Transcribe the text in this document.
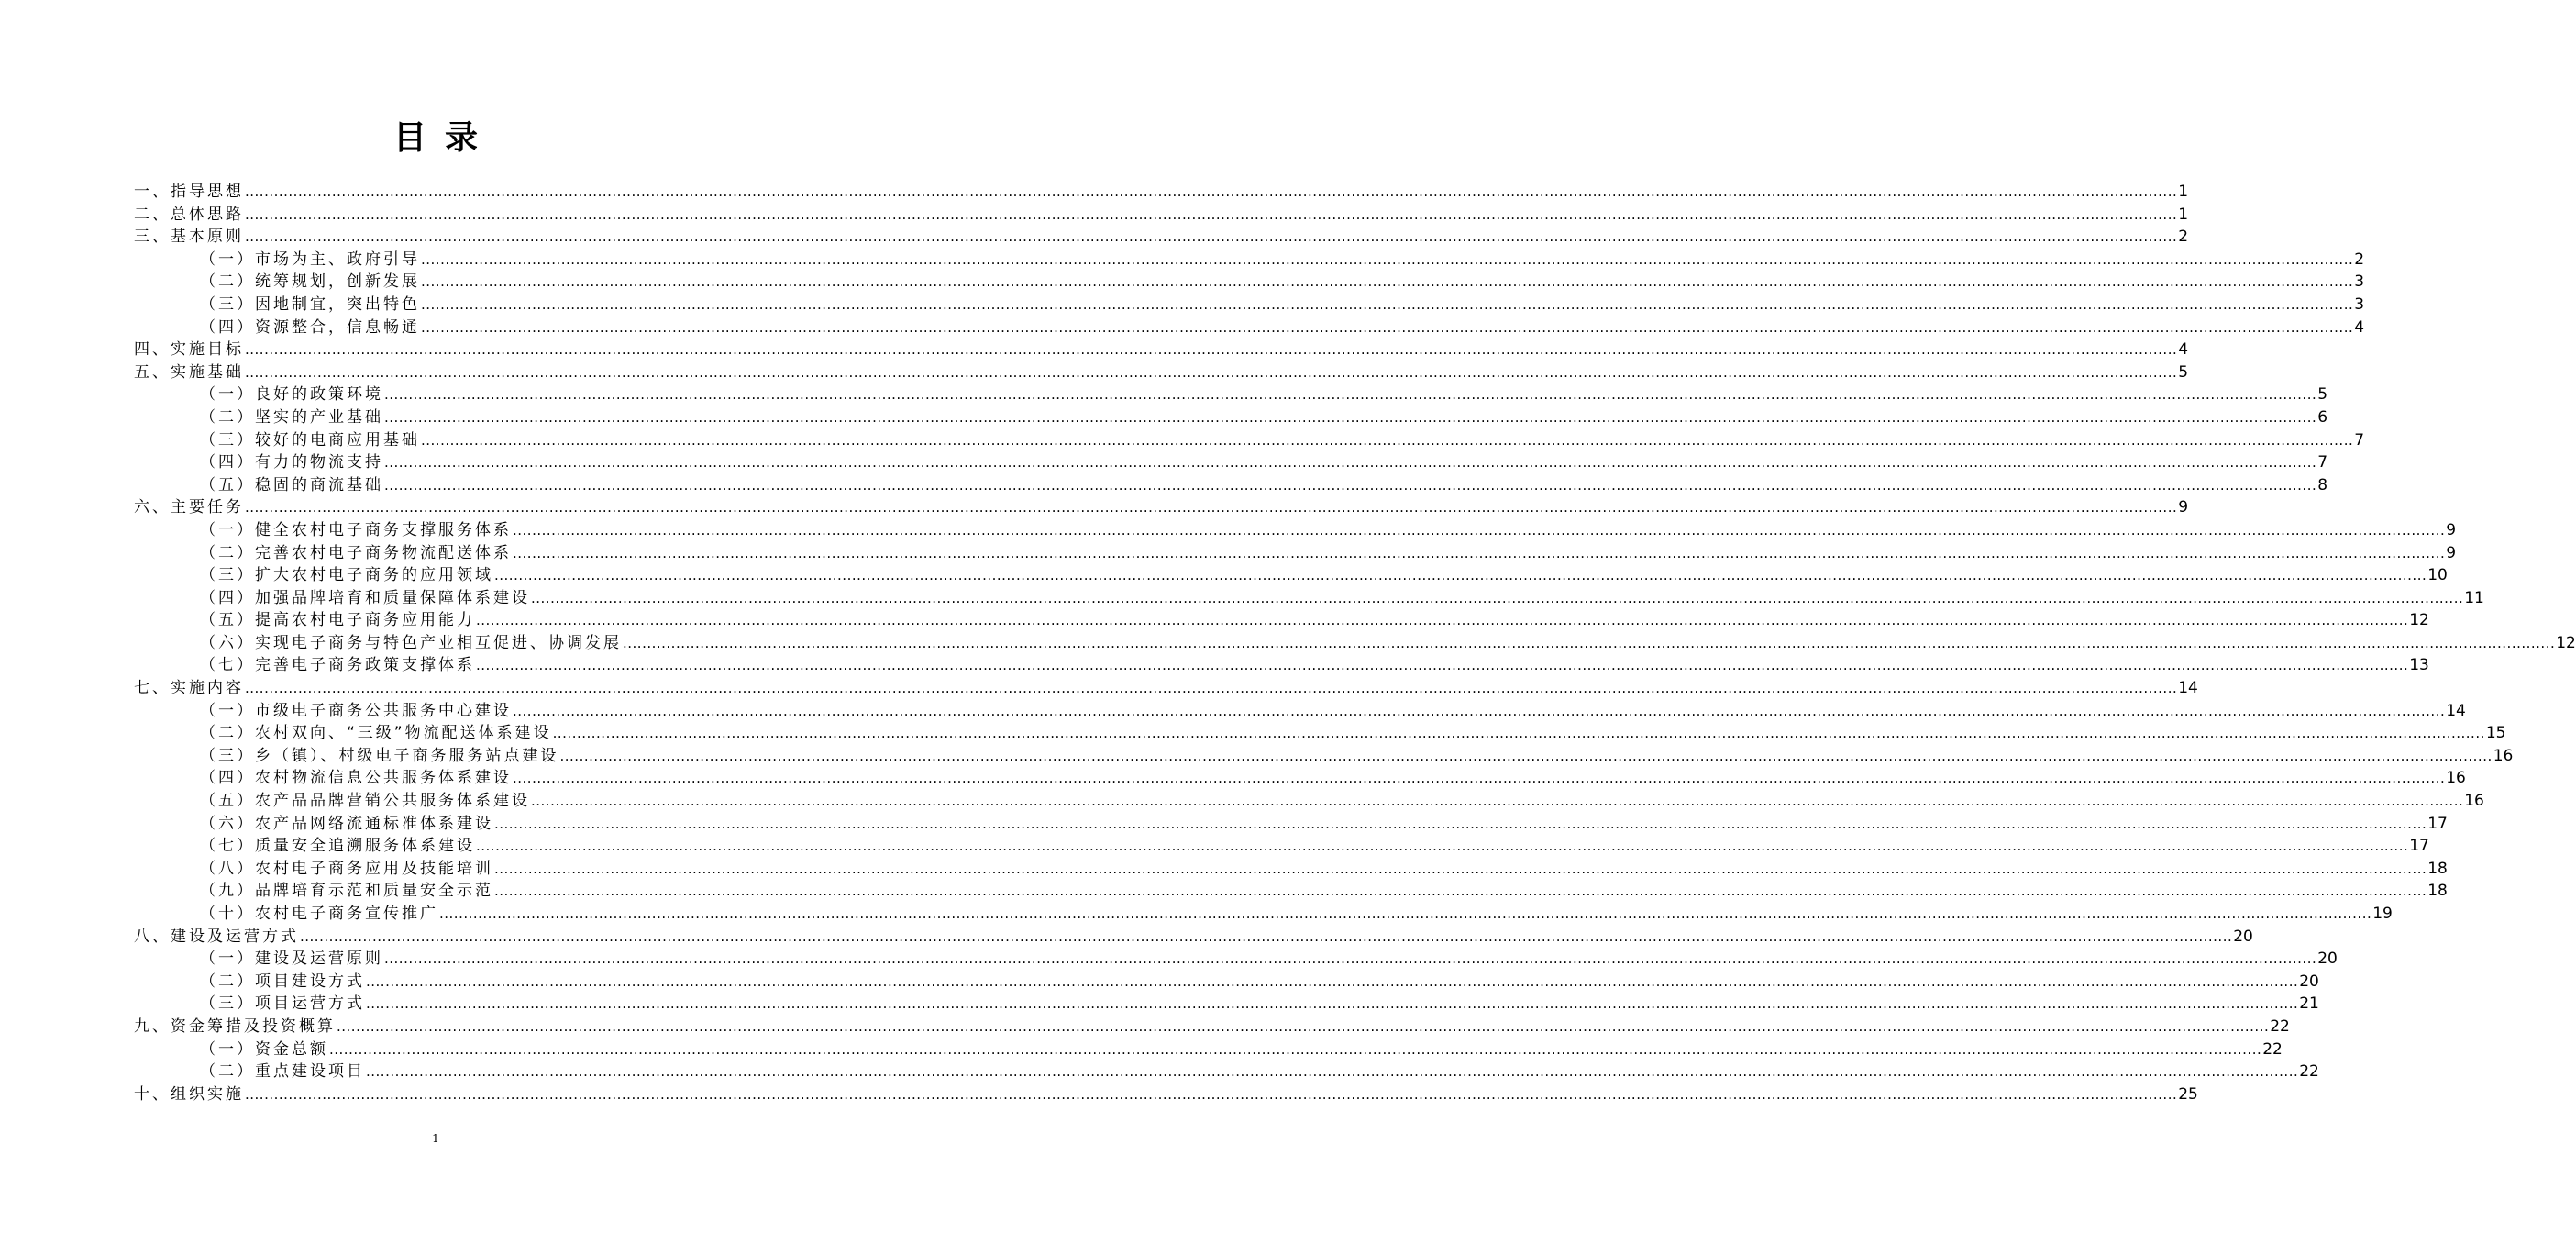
目录
一、指导思想 ................................................................................................................................................................................................................................................................................................................................................................................................................ 1
二、总体思路 ................................................................................................................................................................................................................................................................................................................................................................................................................ 1
三、基本原则 ................................................................................................................................................................................................................................................................................................................................................................................................................ 2
（一）市场为主、政府引导 ................................................................................................................................................................................................................................................................................................................................................................................................................ 2
（二）统筹规划，创新发展 ................................................................................................................................................................................................................................................................................................................................................................................................................ 3
（三）因地制宜，突出特色 ................................................................................................................................................................................................................................................................................................................................................................................................................ 3
（四）资源整合，信息畅通 ................................................................................................................................................................................................................................................................................................................................................................................................................ 4
四、实施目标 ................................................................................................................................................................................................................................................................................................................................................................................................................ 4
五、实施基础 ................................................................................................................................................................................................................................................................................................................................................................................................................ 5
（一）良好的政策环境 ................................................................................................................................................................................................................................................................................................................................................................................................................ 5
（二）坚实的产业基础 ................................................................................................................................................................................................................................................................................................................................................................................................................ 6
（三）较好的电商应用基础 ................................................................................................................................................................................................................................................................................................................................................................................................................ 7
（四）有力的物流支持 ................................................................................................................................................................................................................................................................................................................................................................................................................ 7
（五）稳固的商流基础 ................................................................................................................................................................................................................................................................................................................................................................................................................ 8
六、主要任务 ................................................................................................................................................................................................................................................................................................................................................................................................................ 9
（一）健全农村电子商务支撑服务体系 ................................................................................................................................................................................................................................................................................................................................................................................................................ 9
（二）完善农村电子商务物流配送体系 ................................................................................................................................................................................................................................................................................................................................................................................................................ 9
（三）扩大农村电子商务的应用领域 ................................................................................................................................................................................................................................................................................................................................................................................................................ 10
（四）加强品牌培育和质量保障体系建设 ................................................................................................................................................................................................................................................................................................................................................................................................................ 11
（五）提高农村电子商务应用能力 ................................................................................................................................................................................................................................................................................................................................................................................................................ 12
（六）实现电子商务与特色产业相互促进、协调发展 ................................................................................................................................................................................................................................................................................................................................................................................................................ 12
（七）完善电子商务政策支撑体系 ................................................................................................................................................................................................................................................................................................................................................................................................................ 13
七、实施内容 ................................................................................................................................................................................................................................................................................................................................................................................................................ 14
（一）市级电子商务公共服务中心建设 ................................................................................................................................................................................................................................................................................................................................................................................................................ 14
（二）农村双向、“三级”物流配送体系建设 ................................................................................................................................................................................................................................................................................................................................................................................................................ 15
（三）乡（镇）、村级电子商务服务站点建设 ................................................................................................................................................................................................................................................................................................................................................................................................................ 16
（四）农村物流信息公共服务体系建设 ................................................................................................................................................................................................................................................................................................................................................................................................................ 16
（五）农产品品牌营销公共服务体系建设 ................................................................................................................................................................................................................................................................................................................................................................................................................ 16
（六）农产品网络流通标准体系建设 ................................................................................................................................................................................................................................................................................................................................................................................................................ 17
（七）质量安全追溯服务体系建设 ................................................................................................................................................................................................................................................................................................................................................................................................................ 17
（八）农村电子商务应用及技能培训 ................................................................................................................................................................................................................................................................................................................................................................................................................ 18
（九）品牌培育示范和质量安全示范 ................................................................................................................................................................................................................................................................................................................................................................................................................ 18
（十）农村电子商务宣传推广 ................................................................................................................................................................................................................................................................................................................................................................................................................ 19
八、建设及运营方式 ................................................................................................................................................................................................................................................................................................................................................................................................................ 20
（一）建设及运营原则 ................................................................................................................................................................................................................................................................................................................................................................................................................ 20
（二）项目建设方式 ................................................................................................................................................................................................................................................................................................................................................................................................................ 20
（三）项目运营方式 ................................................................................................................................................................................................................................................................................................................................................................................................................ 21
九、资金筹措及投资概算 ................................................................................................................................................................................................................................................................................................................................................................................................................ 22
（一）资金总额 ................................................................................................................................................................................................................................................................................................................................................................................................................ 22
（二）重点建设项目 ................................................................................................................................................................................................................................................................................................................................................................................................................ 22
十、组织实施 ................................................................................................................................................................................................................................................................................................................................................................................................................ 25
1
